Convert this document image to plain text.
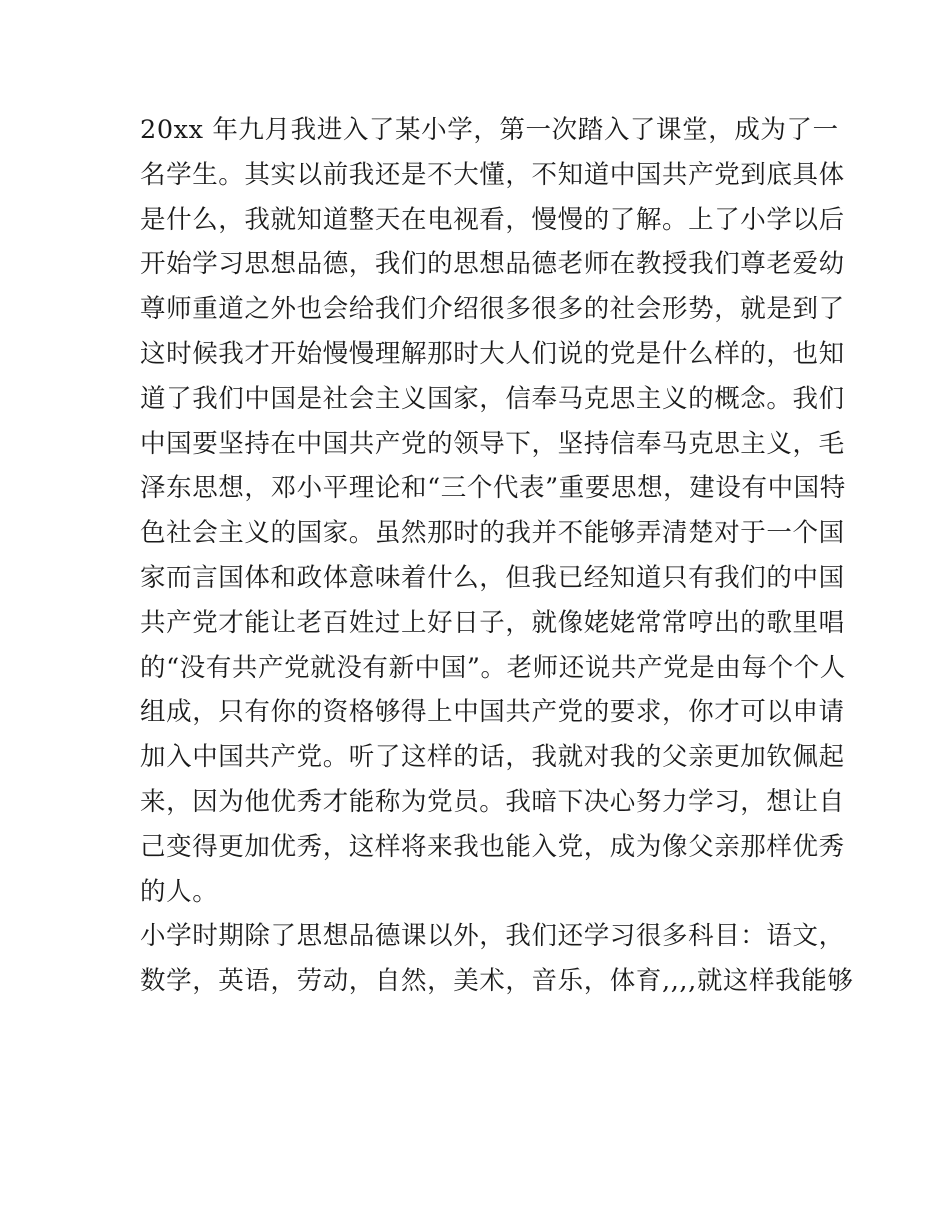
20xx 年九月我进入了某小学，第一次踏入了课堂，成为了一
名学生。其实以前我还是不大懂，不知道中国共产党到底具体
是什么，我就知道整天在电视看，慢慢的了解。上了小学以后
开始学习思想品德，我们的思想品德老师在教授我们尊老爱幼
尊师重道之外也会给我们介绍很多很多的社会形势，就是到了
这时候我才开始慢慢理解那时大人们说的党是什么样的，也知
道了我们中国是社会主义国家，信奉马克思主义的概念。我们
中国要坚持在中国共产党的领导下，坚持信奉马克思主义，毛
泽东思想，邓小平理论和“三个代表”重要思想，建设有中国特
色社会主义的国家。虽然那时的我并不能够弄清楚对于一个国
家而言国体和政体意味着什么，但我已经知道只有我们的中国
共产党才能让老百姓过上好日子，就像姥姥常常哼出的歌里唱
的“没有共产党就没有新中国”。老师还说共产党是由每个个人
组成，只有你的资格够得上中国共产党的要求，你才可以申请
加入中国共产党。听了这样的话，我就对我的父亲更加钦佩起
来，因为他优秀才能称为党员。我暗下决心努力学习，想让自
己变得更加优秀，这样将来我也能入党，成为像父亲那样优秀
的人。
小学时期除了思想品德课以外，我们还学习很多科目：语文，
数学，英语，劳动，自然，美术，音乐，体育,,,,就这样我能够
